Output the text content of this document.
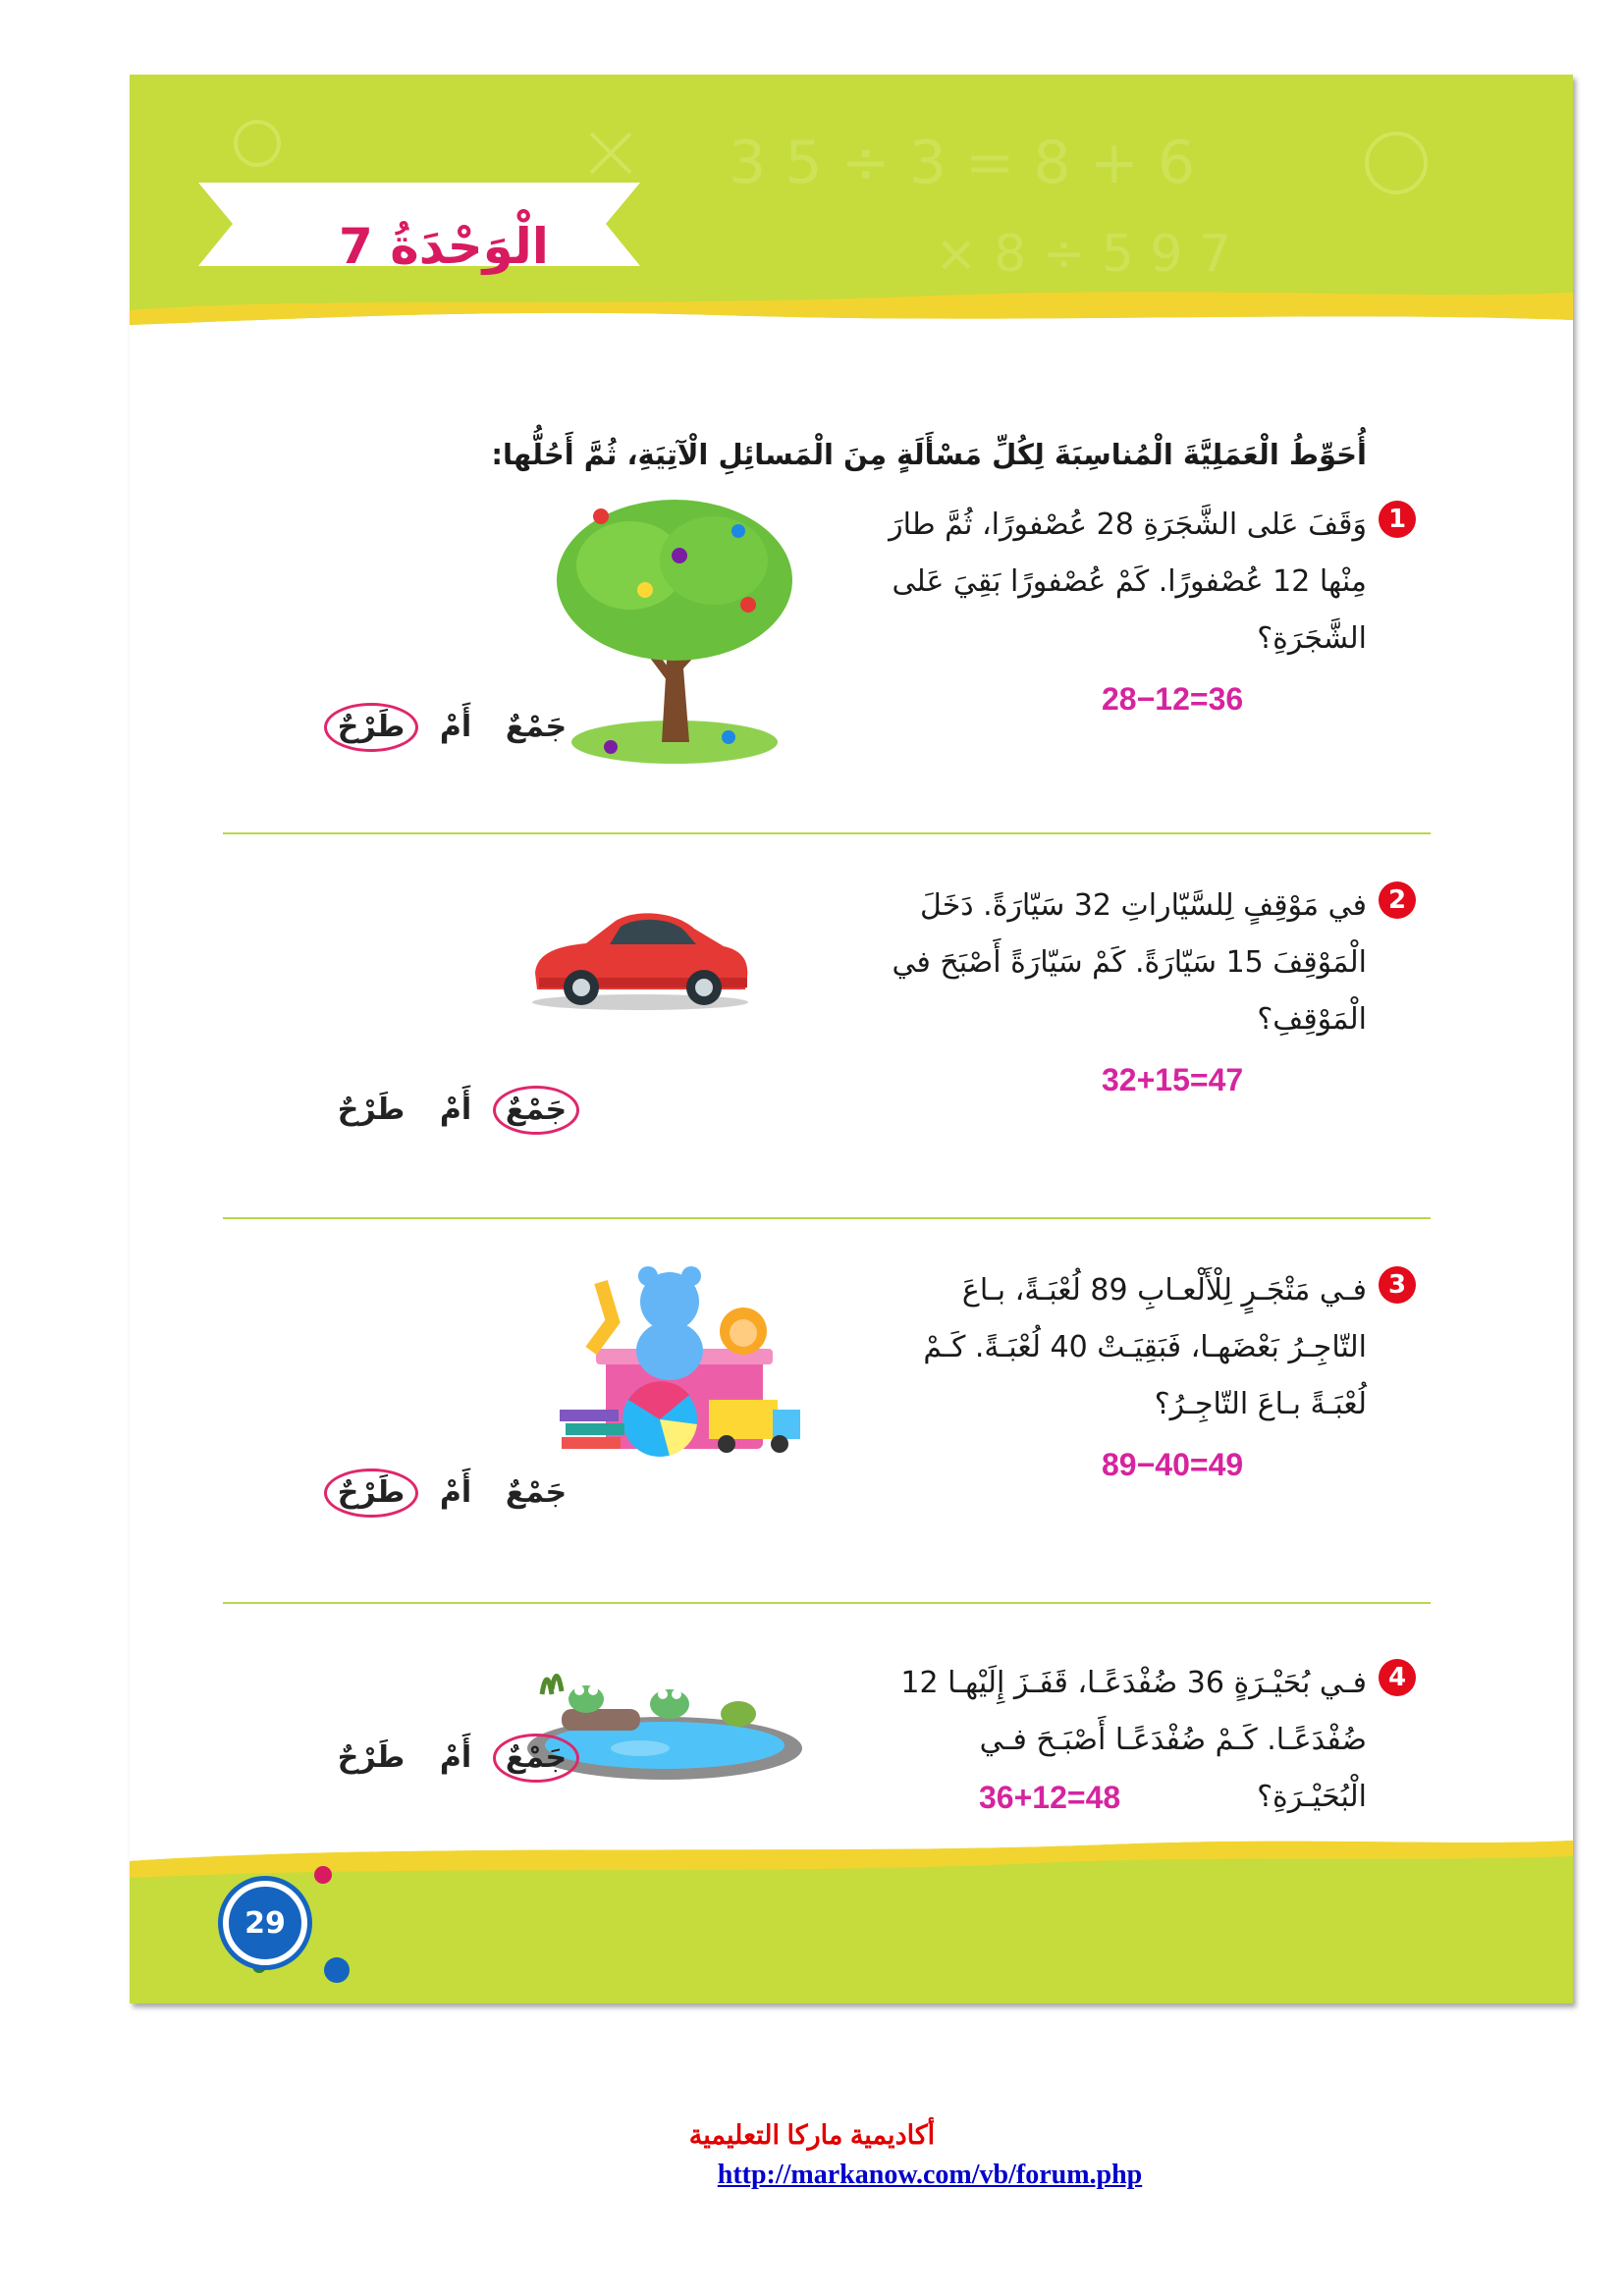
3 5 ÷ 3 = 8 + 6
× 8 ÷ 5 9 7
الْوَحْدَةُ 7
أُحَوِّطُ الْعَمَلِيَّةَ الْمُناسِبَةَ لِكُلِّ مَسْأَلَةٍ مِنَ الْمَسائِلِ الْآتِيَةِ، ثُمَّ أَحُلُّها:
1
وَقَفَ عَلى الشَّجَرَةِ 28 عُصْفورًا، ثُمَّ طارَ مِنْها 12 عُصْفورًا. كَمْ عُصْفورًا بَقِيَ عَلى الشَّجَرَةِ؟
28−12=36
جَمْعٌ
أَمْ
طَرْحٌ
2
في مَوْقِفٍ لِلسَّيّاراتِ 32 سَيّارَةً. دَخَلَ الْمَوْقِفَ 15 سَيّارَةً. كَمْ سَيّارَةً أَصْبَحَ في الْمَوْقِفِ؟
32+15=47
جَمْعٌ
أَمْ
طَرْحٌ
3
فـي مَتْجَـرٍ لِلْأَلْعـابِ 89 لُعْبَـةً، بـاعَ التّاجِـرُ بَعْضَهـا، فَبَقِيَـتْ 40 لُعْبَـةً. كَـمْ لُعْبَـةً بـاعَ التّاجِـرُ؟
89−40=49
جَمْعٌ
أَمْ
طَرْحٌ
4
فـي بُحَيْـرَةٍ 36 ضُفْدَعًـا، قَفَـزَ إِلَيْهـا 12 ضُفْدَعًـا. كَـمْ ضُفْدَعًـا أَصْبَـحَ فـي الْبُحَيْـرَةِ؟
36+12=48
جَمْعٌ
أَمْ
طَرْحٌ
29
أكاديمية ماركا التعليمية
http://markanow.com/vb/forum.php
